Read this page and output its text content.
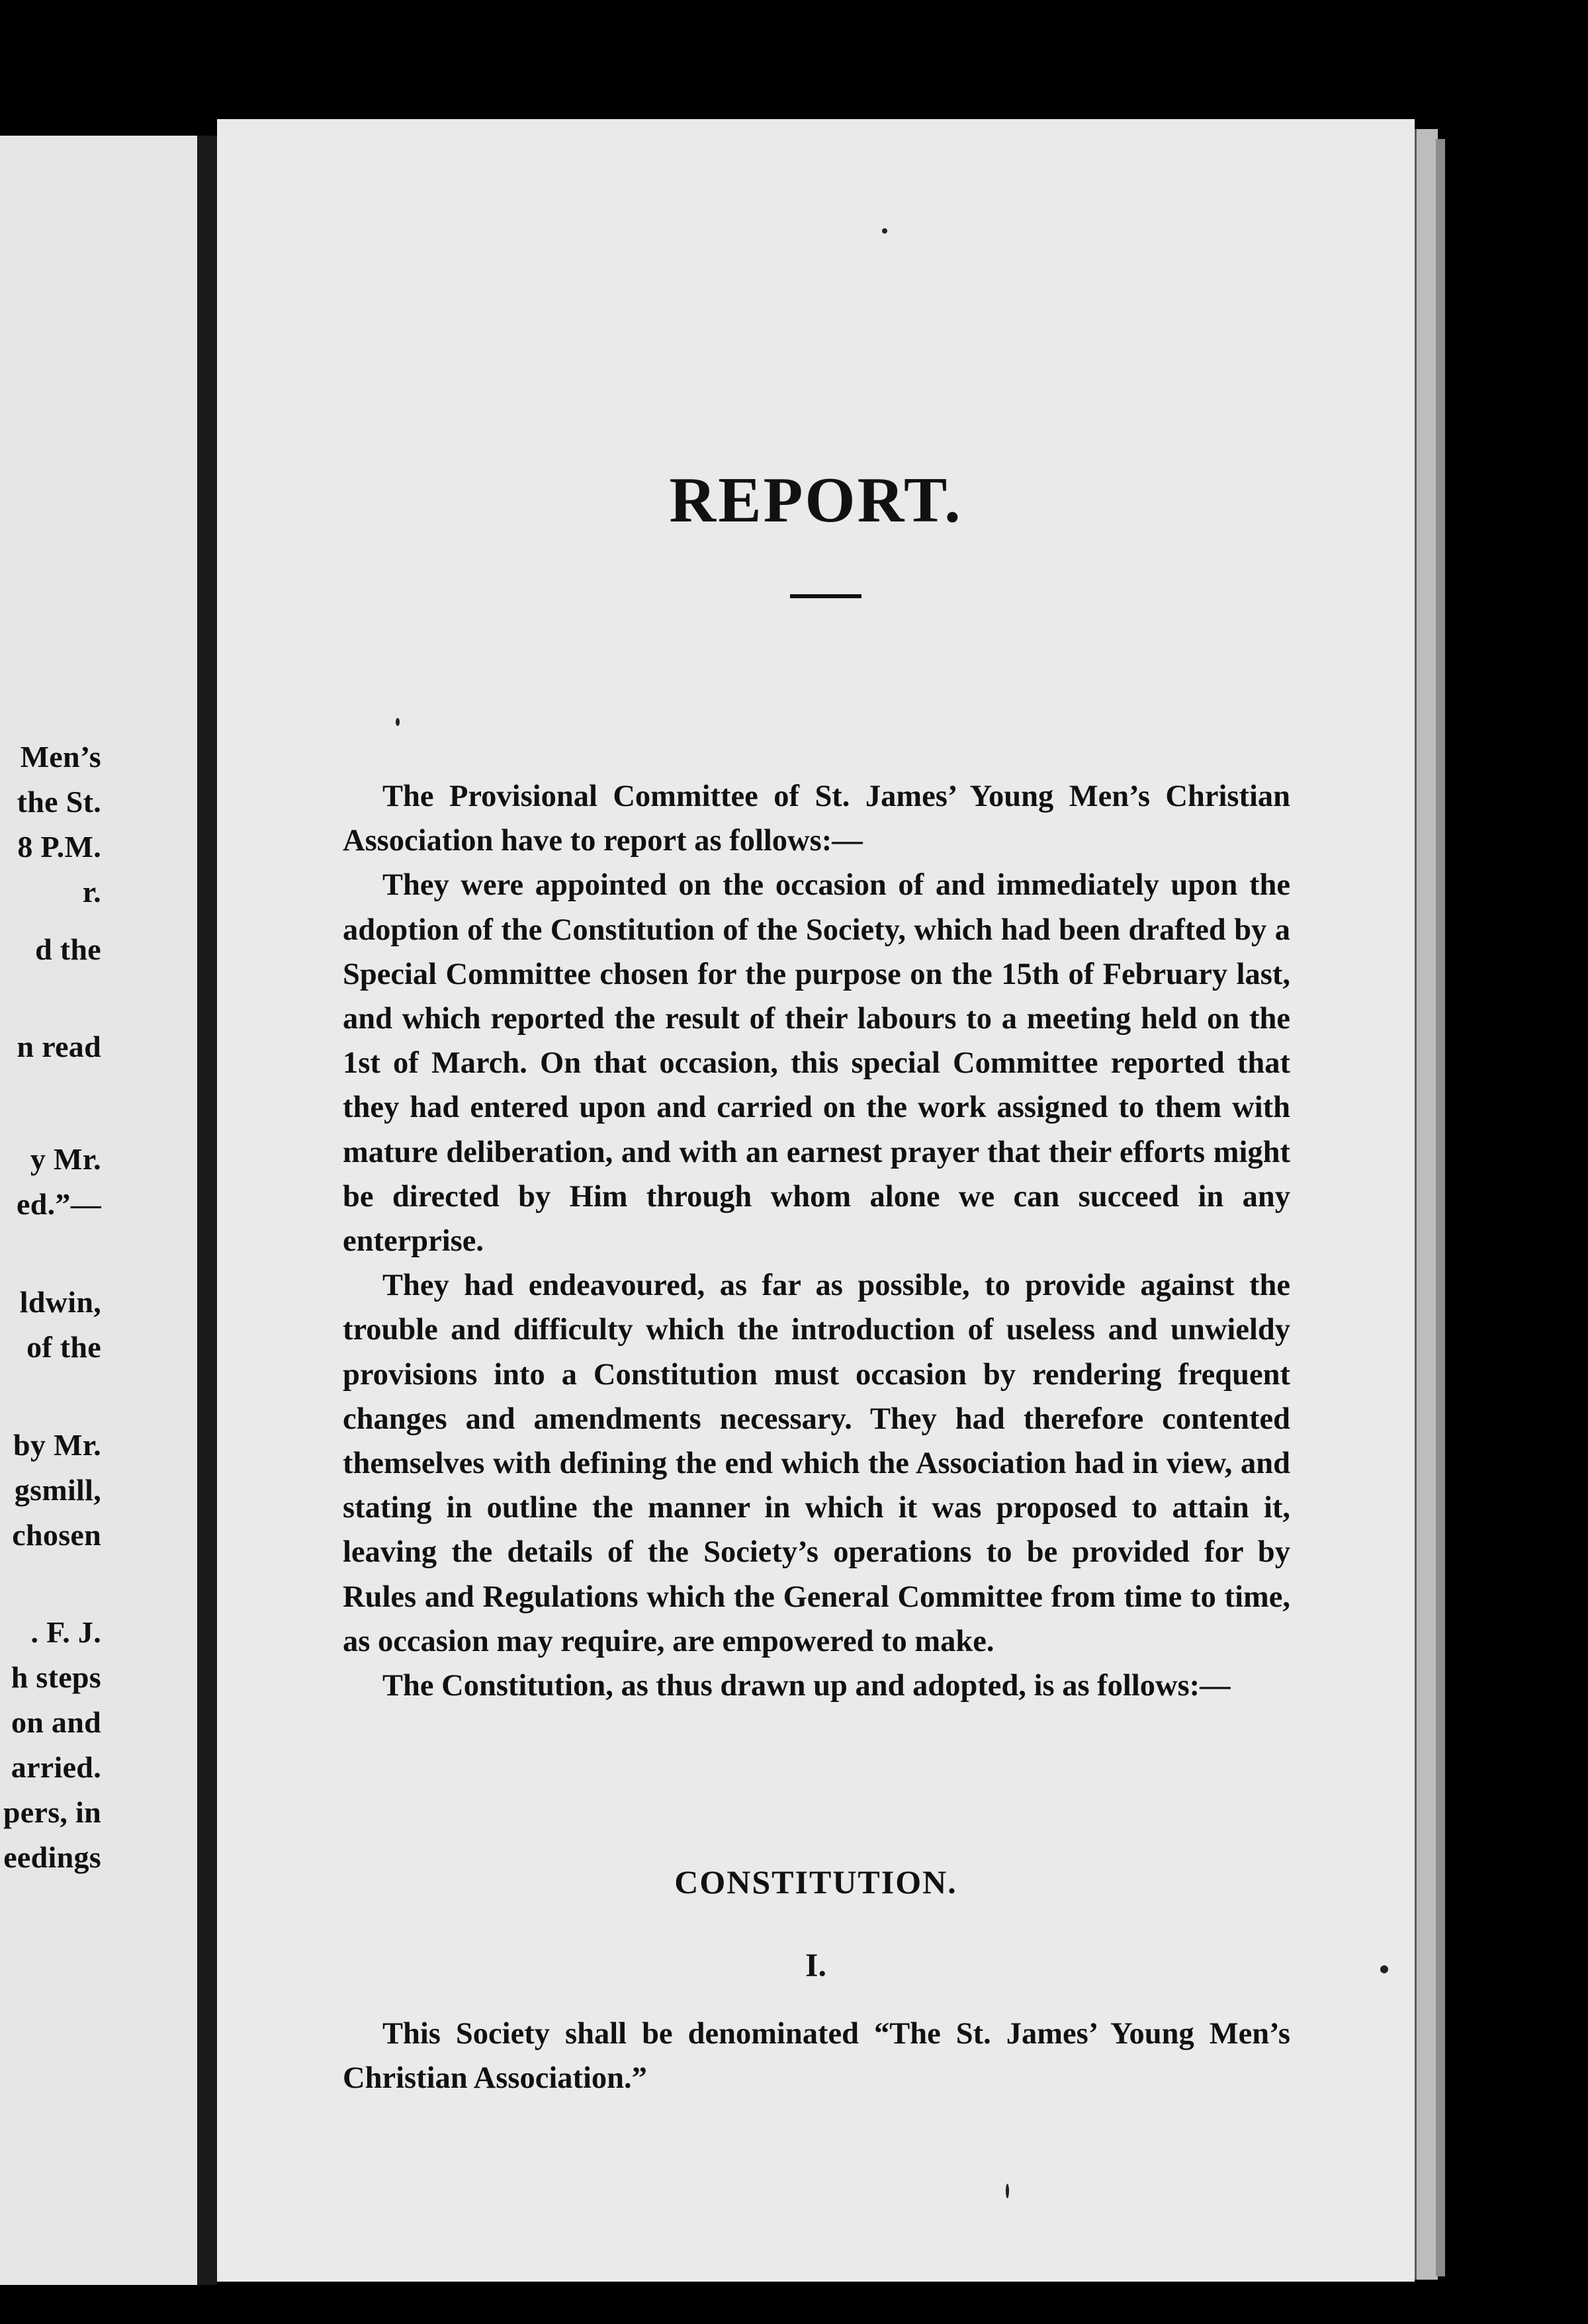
Men’s
the St.
8 P.M.
r.
d the
n read
y Mr.
ed.”—
ldwin,
of the
by Mr.
gsmill,
chosen
. F. J.
h steps
on and
arried.
pers, in
eedings
REPORT.

The Provisional Committee of St. James’ Young Men’s Christian Association have to report as follows:—

They were appointed on the occasion of and immediately upon the adoption of the Constitution of the Society, which had been drafted by a Special Committee chosen for the purpose on the 15th of February last, and which reported the result of their labours to a meeting held on the 1st of March. On that occasion, this special Committee reported that they had entered upon and carried on the work assigned to them with mature deliberation, and with an earnest prayer that their efforts might be directed by Him through whom alone we can succeed in any enterprise.

They had endeavoured, as far as possible, to provide against the trouble and difficulty which the introduction of useless and unwieldy provisions into a Constitution must occasion by rendering frequent changes and amendments necessary. They had therefore contented themselves with defining the end which the Association had in view, and stating in outline the manner in which it was proposed to attain it, leaving the details of the Society’s operations to be provided for by Rules and Regulations which the General Committee from time to time, as occasion may require, are empowered to make.

The Constitution, as thus drawn up and adopted, is as follows:—

CONSTITUTION.
I.

This Society shall be denominated “The St. James’ Young Men’s Christian Association.”
